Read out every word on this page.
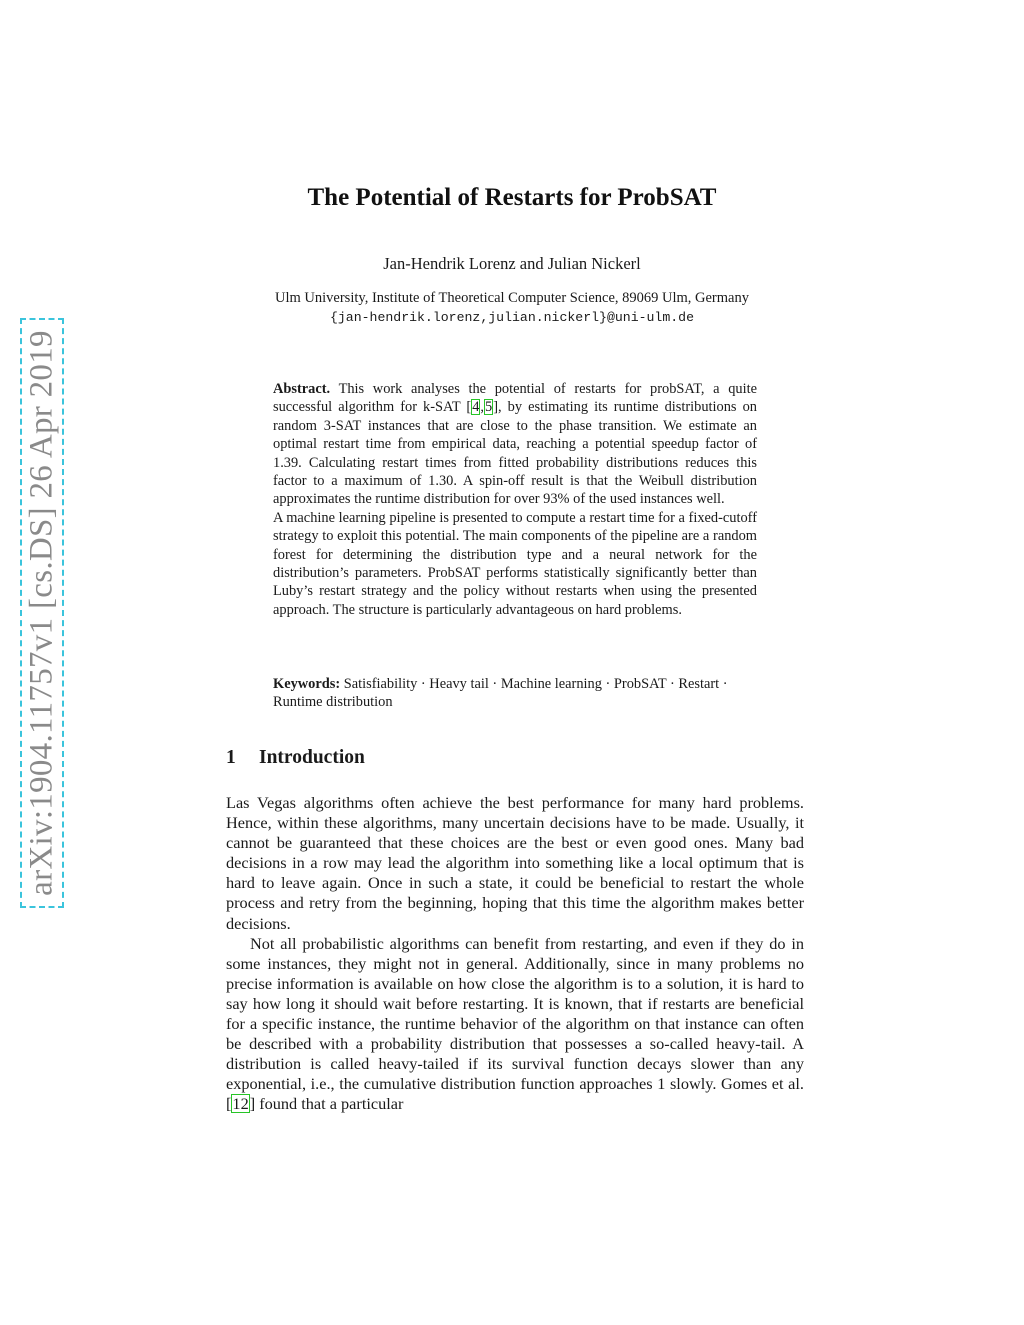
arXiv:1904.11757v1 [cs.DS] 26 Apr 2019
The Potential of Restarts for ProbSAT
Jan-Hendrik Lorenz and Julian Nickerl
Ulm University, Institute of Theoretical Computer Science, 89069 Ulm, Germany
{jan-hendrik.lorenz,julian.nickerl}@uni-ulm.de

Abstract. This work analyses the potential of restarts for probSAT, a quite successful algorithm for k-SAT [4,5], by estimating its runtime distributions on random 3-SAT instances that are close to the phase transition. We estimate an optimal restart time from empirical data, reaching a potential speedup factor of 1.39. Calculating restart times from fitted probability distributions reduces this factor to a maximum of 1.30. A spin-off result is that the Weibull distribution approximates the runtime distribution for over 93% of the used instances well.

A machine learning pipeline is presented to compute a restart time for a fixed-cutoff strategy to exploit this potential. The main components of the pipeline are a random forest for determining the distribution type and a neural network for the distribution’s parameters. ProbSAT performs statistically significantly better than Luby’s restart strategy and the policy without restarts when using the presented approach. The structure is particularly advantageous on hard problems.

Keywords: Satisfiability · Heavy tail · Machine learning · ProbSAT · Restart · Runtime distribution
1 Introduction

Las Vegas algorithms often achieve the best performance for many hard problems. Hence, within these algorithms, many uncertain decisions have to be made. Usually, it cannot be guaranteed that these choices are the best or even good ones. Many bad decisions in a row may lead the algorithm into something like a local optimum that is hard to leave again. Once in such a state, it could be beneficial to restart the whole process and retry from the beginning, hoping that this time the algorithm makes better decisions.

Not all probabilistic algorithms can benefit from restarting, and even if they do in some instances, they might not in general. Additionally, since in many problems no precise information is available on how close the algorithm is to a solution, it is hard to say how long it should wait before restarting. It is known, that if restarts are beneficial for a specific instance, the runtime behavior of the algorithm on that instance can often be described with a probability distribution that possesses a so-called heavy-tail. A distribution is called heavy-tailed if its survival function decays slower than any exponential, i.e., the cumulative distribution function approaches 1 slowly. Gomes et al. [12] found that a particular
